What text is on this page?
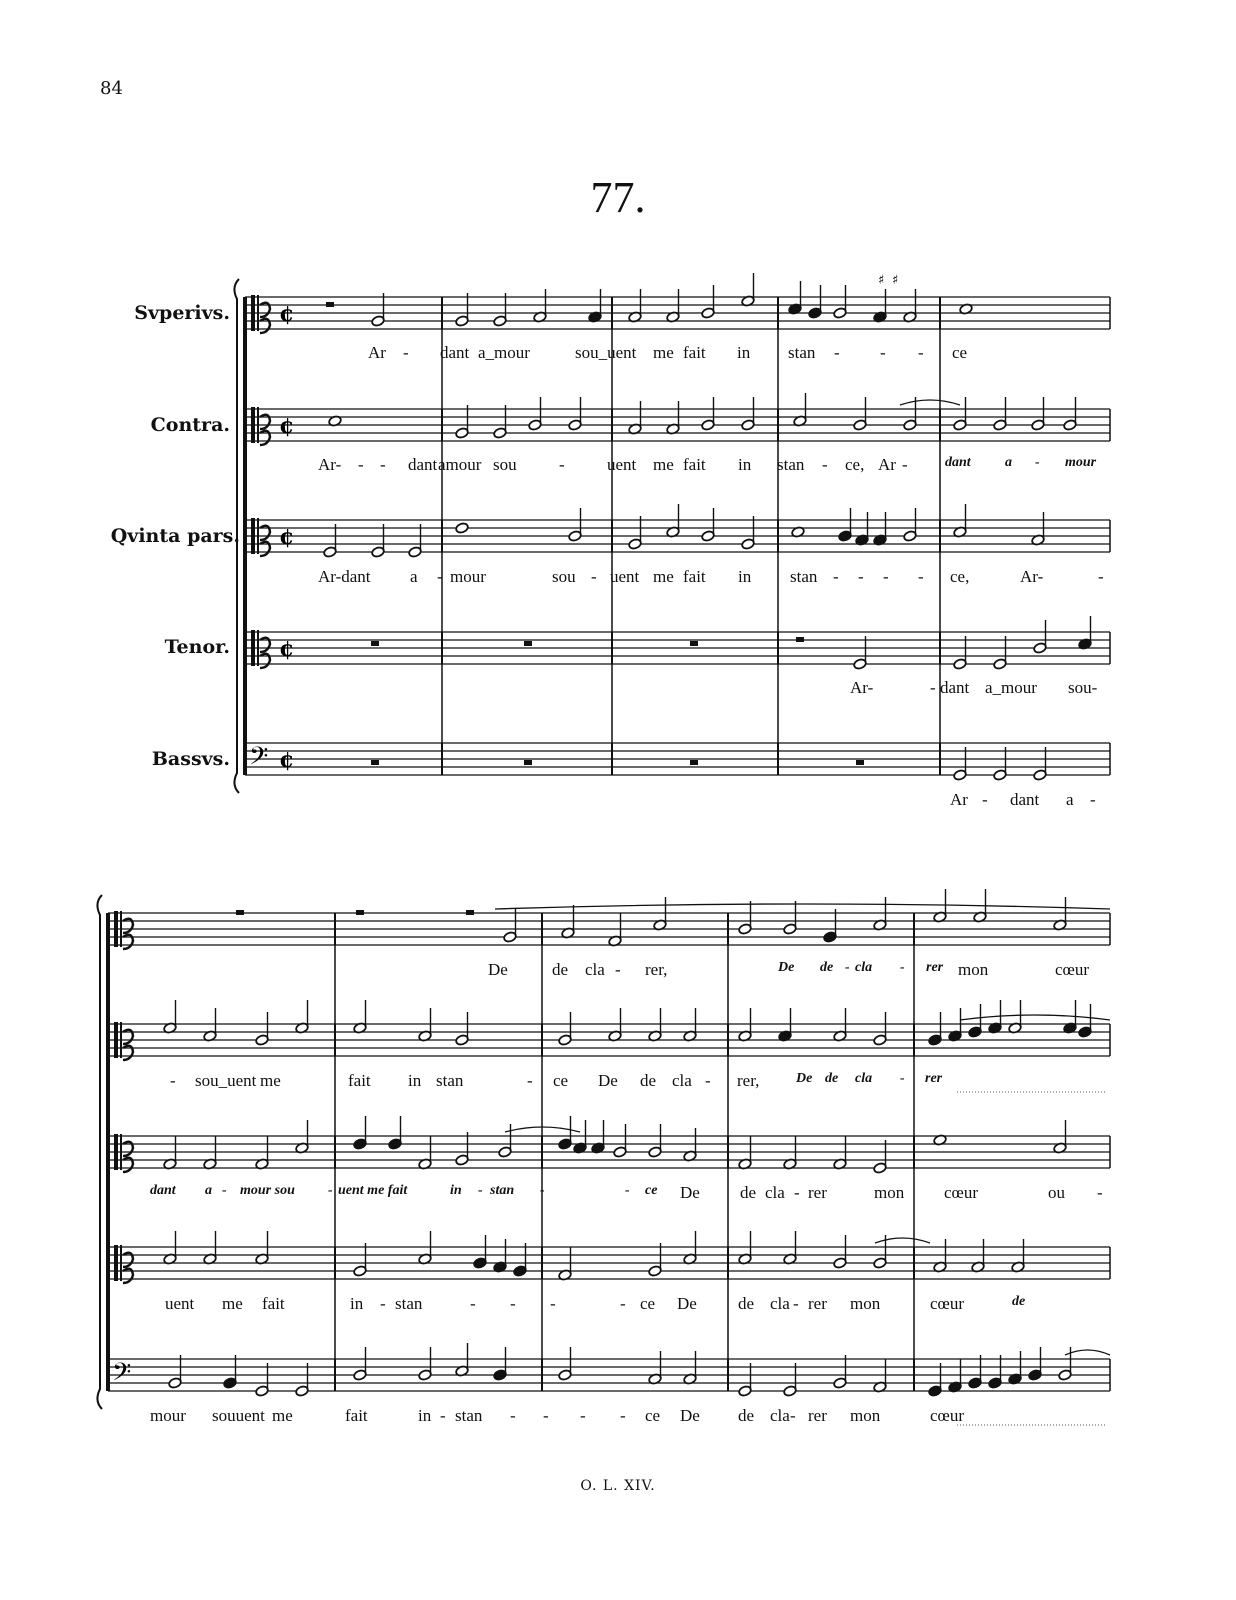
84
77.
Svperivs.
Contra.
Qvinta pars.
Tenor.
Bassvs.
¢
¢
¢
¢
𝄢 ¢
𝄢
♯ ♯
Ar - dant a_mour	sou_uent me fait in stan - - - ce
Ar- - - dant amour sou - uent me fait in stan - ce, Ar -	dant a - mour
Ar-dant a - mour	sou - uent me fait in stan - - - - ce,	Ar-	-
Ar-	- dant a_mour sou-
Ar - dant a -
De	de cla - rer,	De de - cla - rer mon	cœur
- sou_uent me	fait in stan	- ce De de cla - rer,	De de cla - rer
dant a - mour sou - uent me fait	in - stan -	- ce De de cla - rer	mon cœur	ou -
uent me fait	in - stan	- - -	- ce De de cla - rer mon	cœur	de
mour souuent me	fait	in - stan - - - - ce De de cla - rer mon	cœur
O. L. XIV.
